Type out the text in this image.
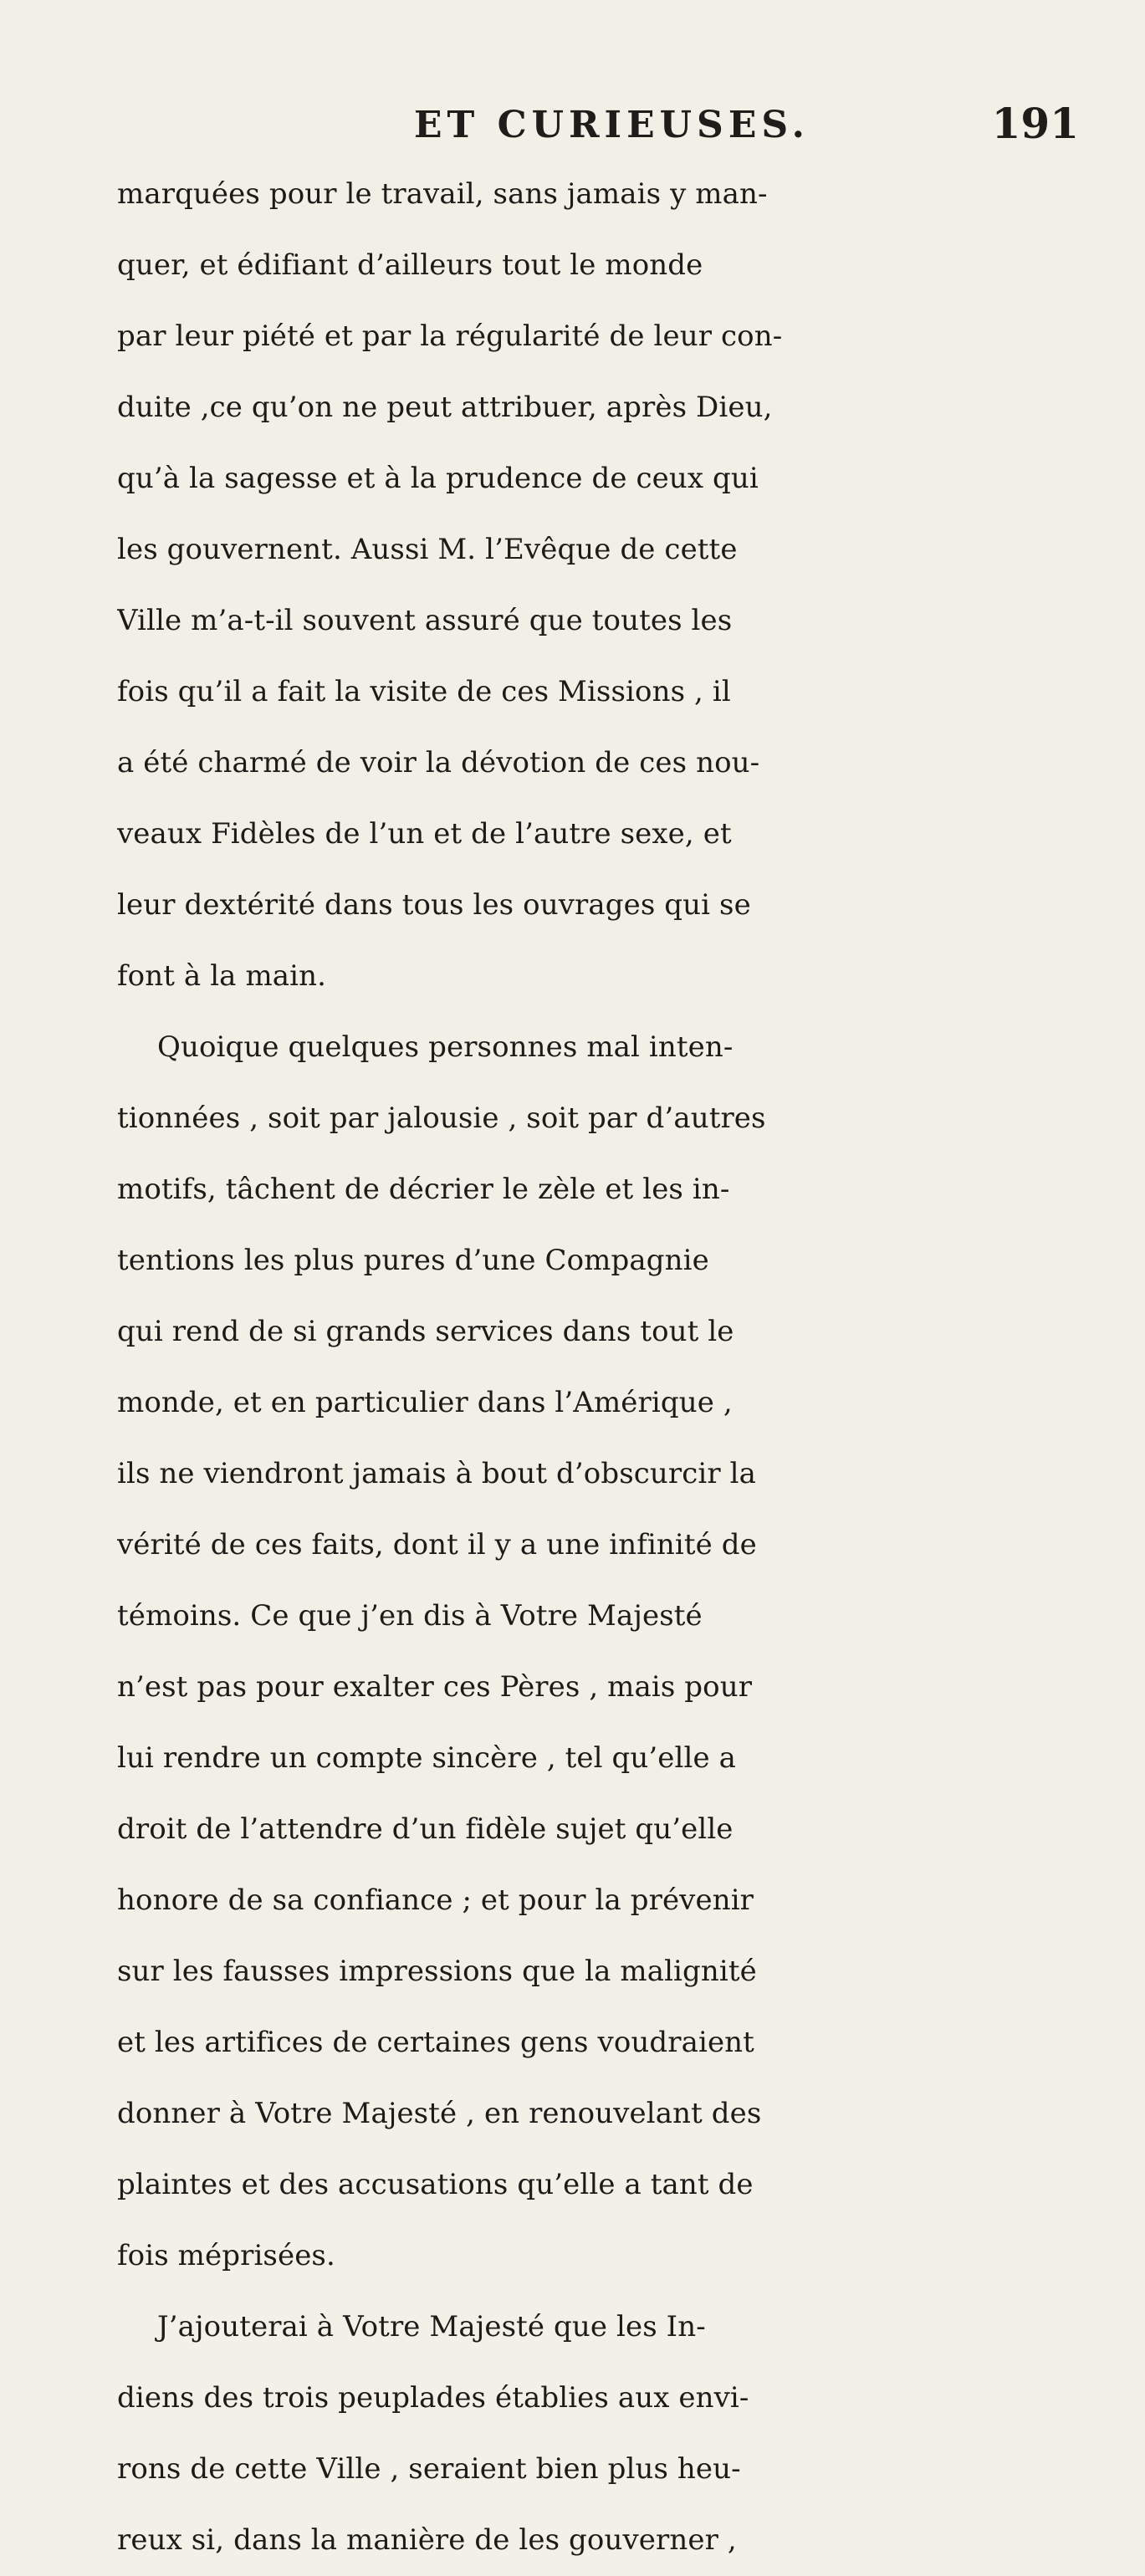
ET CURIEUSES.	191
marquées pour le travail, sans jamais y man-
quer, et édifiant d’ailleurs tout le monde
par leur piété et par la régularité de leur con-
duite ,ce qu’on ne peut attribuer, après Dieu,
qu’à la sagesse et à la prudence de ceux qui
les gouvernent. Aussi M. l’Evêque de cette
Ville m’a-t-il souvent assuré que toutes les
fois qu’il a fait la visite de ces Missions , il
a été charmé de voir la dévotion de ces nou-
veaux Fidèles de l’un et de l’autre sexe, et
leur dextérité dans tous les ouvrages qui se
font à la main.
Quoique quelques personnes mal inten-
tionnées , soit par jalousie , soit par d’autres
motifs, tâchent de décrier le zèle et les in-
tentions les plus pures d’une Compagnie
qui rend de si grands services dans tout le
monde, et en particulier dans l’Amérique ,
ils ne viendront jamais à bout d’obscurcir la
vérité de ces faits, dont il y a une infinité de
témoins. Ce que j’en dis à Votre Majesté
n’est pas pour exalter ces Pères , mais pour
lui rendre un compte sincère , tel qu’elle a
droit de l’attendre d’un fidèle sujet qu’elle
honore de sa confiance ; et pour la prévenir
sur les fausses impressions que la malignité
et les artifices de certaines gens voudraient
donner à Votre Majesté , en renouvelant des
plaintes et des accusations qu’elle a tant de
fois méprisées.
J’ajouterai à Votre Majesté que les In-
diens des trois peuplades établies aux envi-
rons de cette Ville , seraient bien plus heu-
reux si, dans la manière de les gouverner ,
